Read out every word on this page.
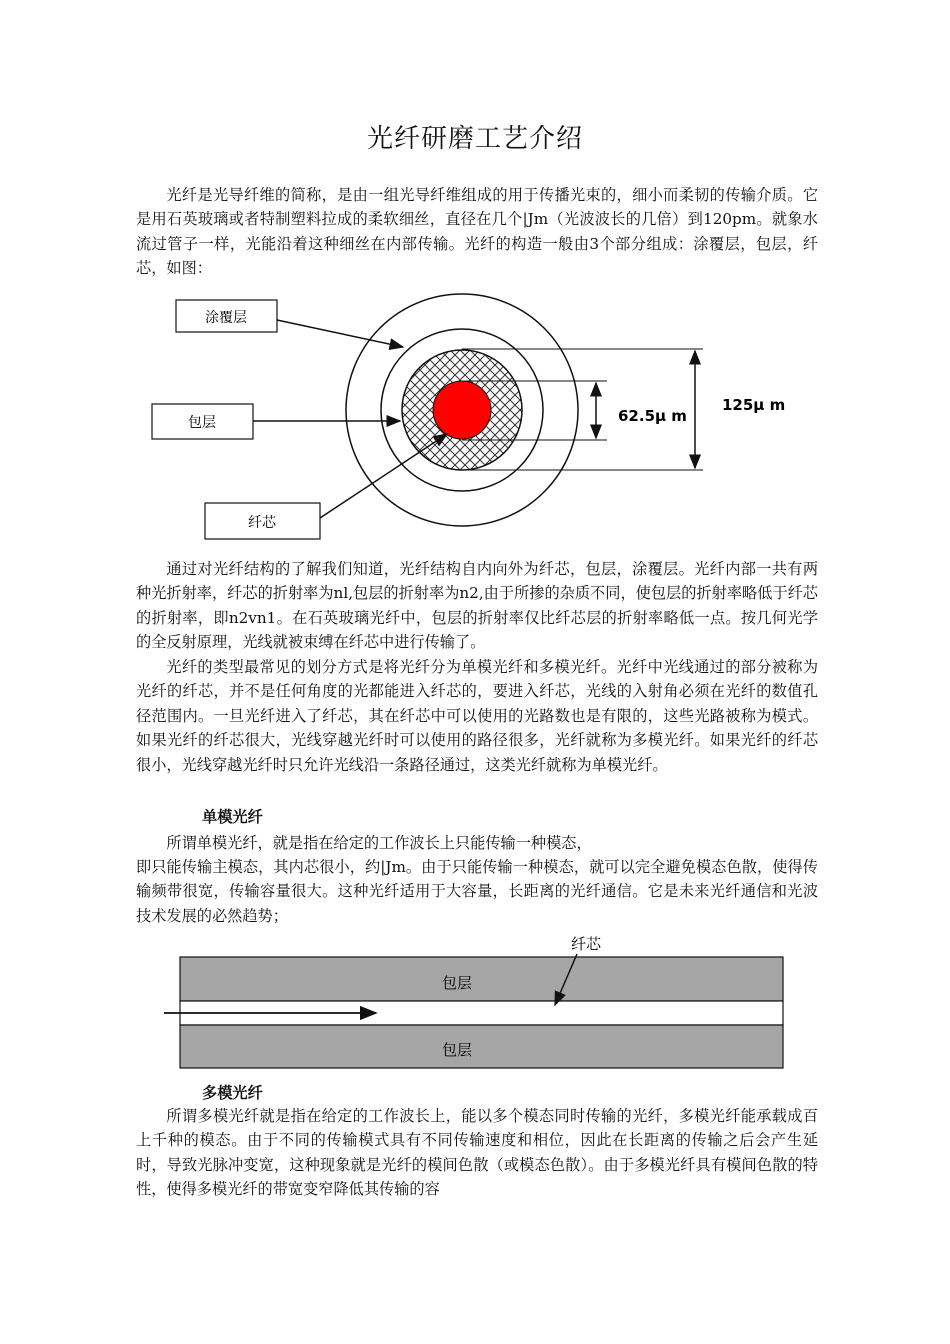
光纤研磨工艺介绍

光纤是光导纤维的简称，是由一组光导纤维组成的用于传播光束的，细小而柔韧的传输介质。它是用石英玻璃或者特制塑料拉成的柔软细丝，直径在几个|Jm（光波波长的几倍）到120pm。就象水流过管子一样，光能沿着这种细丝在内部传输。光纤的构造一般由3个部分组成：涂覆层，包层，纤芯，如图：

62.5μ m
125μ m
涂覆层
包层
纤芯
包层
包层
纤芯

通过对光纤结构的了解我们知道，光纤结构自内向外为纤芯，包层，涂覆层。光纤内部一共有两种光折射率，纤芯的折射率为nl,包层的折射率为n2,由于所掺的杂质不同，使包层的折射率略低于纤芯的折射率，即n2vn1。在石英玻璃光纤中，包层的折射率仅比纤芯层的折射率略低一点。按几何光学的全反射原理，光线就被束缚在纤芯中进行传输了。

光纤的类型最常见的划分方式是将光纤分为单模光纤和多模光纤。光纤中光线通过的部分被称为光纤的纤芯，并不是任何角度的光都能进入纤芯的，要进入纤芯，光线的入射角必须在光纤的数值孔径范围内。一旦光纤进入了纤芯，其在纤芯中可以使用的光路数也是有限的，这些光路被称为模式。如果光纤的纤芯很大，光线穿越光纤时可以使用的路径很多，光纤就称为多模光纤。如果光纤的纤芯很小，光线穿越光纤时只允许光线沿一条路径通过，这类光纤就称为单模光纤。

单模光纤

所谓单模光纤，就是指在给定的工作波长上只能传输一种模态，

即只能传输主模态，其内芯很小，约|Jm。由于只能传输一种模态，就可以完全避免模态色散，使得传输频带很宽，传输容量很大。这种光纤适用于大容量，长距离的光纤通信。它是未来光纤通信和光波技术发展的必然趋势；

多模光纤

所谓多模光纤就是指在给定的工作波长上，能以多个模态同时传输的光纤，多模光纤能承载成百上千种的模态。由于不同的传输模式具有不同传输速度和相位，因此在长距离的传输之后会产生延时，导致光脉冲变宽，这种现象就是光纤的模间色散（或模态色散）。由于多模光纤具有模间色散的特性，使得多模光纤的带宽变窄降低其传输的容
